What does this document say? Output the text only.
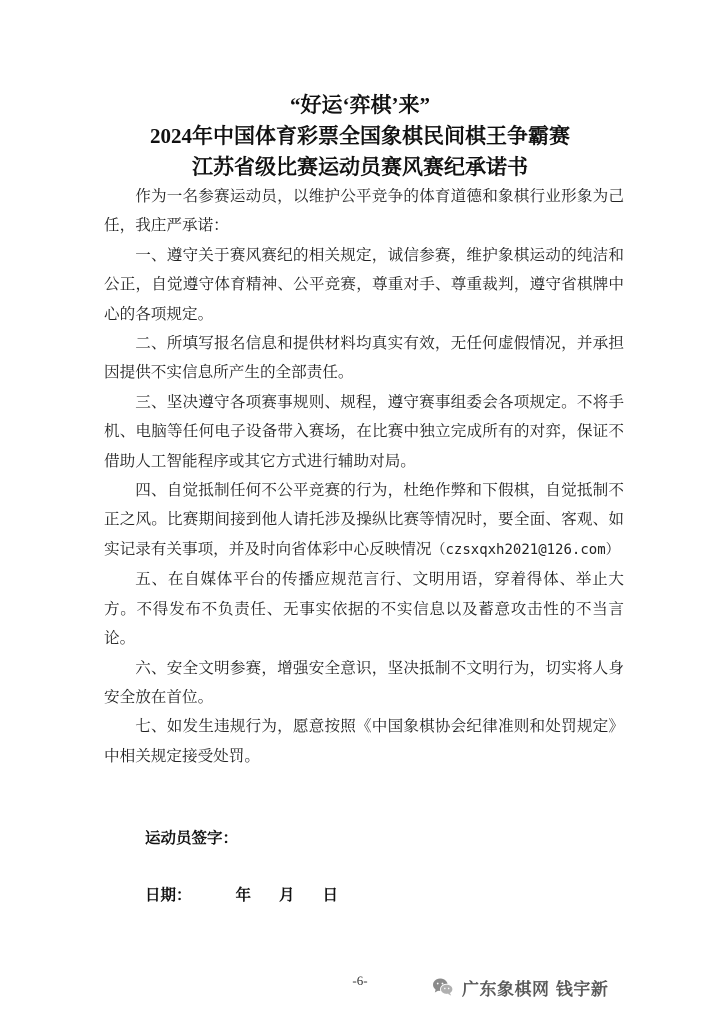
“好运‘弈棋’来”
2024年中国体育彩票全国象棋民间棋王争霸赛
江苏省级比赛运动员赛风赛纪承诺书

作为一名参赛运动员，以维护公平竞争的体育道德和象棋行业形象为己任，我庄严承诺：

一、遵守关于赛风赛纪的相关规定，诚信参赛，维护象棋运动的纯洁和公正，自觉遵守体育精神、公平竞赛，尊重对手、尊重裁判，遵守省棋牌中心的各项规定。

二、所填写报名信息和提供材料均真实有效，无任何虚假情况，并承担因提供不实信息所产生的全部责任。

三、坚决遵守各项赛事规则、规程，遵守赛事组委会各项规定。不将手机、电脑等任何电子设备带入赛场，在比赛中独立完成所有的对弈，保证不借助人工智能程序或其它方式进行辅助对局。

四、自觉抵制任何不公平竞赛的行为，杜绝作弊和下假棋，自觉抵制不正之风。比赛期间接到他人请托涉及操纵比赛等情况时，要全面、客观、如实记录有关事项，并及时向省体彩中心反映情况（czsxqxh2021@126.com）

五、在自媒体平台的传播应规范言行、文明用语，穿着得体、举止大方。不得发布不负责任、无事实依据的不实信息以及蓄意攻击性的不当言论。

六、安全文明参赛，增强安全意识，坚决抵制不文明行为，切实将人身安全放在首位。

七、如发生违规行为，愿意按照《中国象棋协会纪律准则和处罚规定》中相关规定接受处罚。

运动员签字：
日期：	年 月 日
-6-	广东象棋网 钱宇新
